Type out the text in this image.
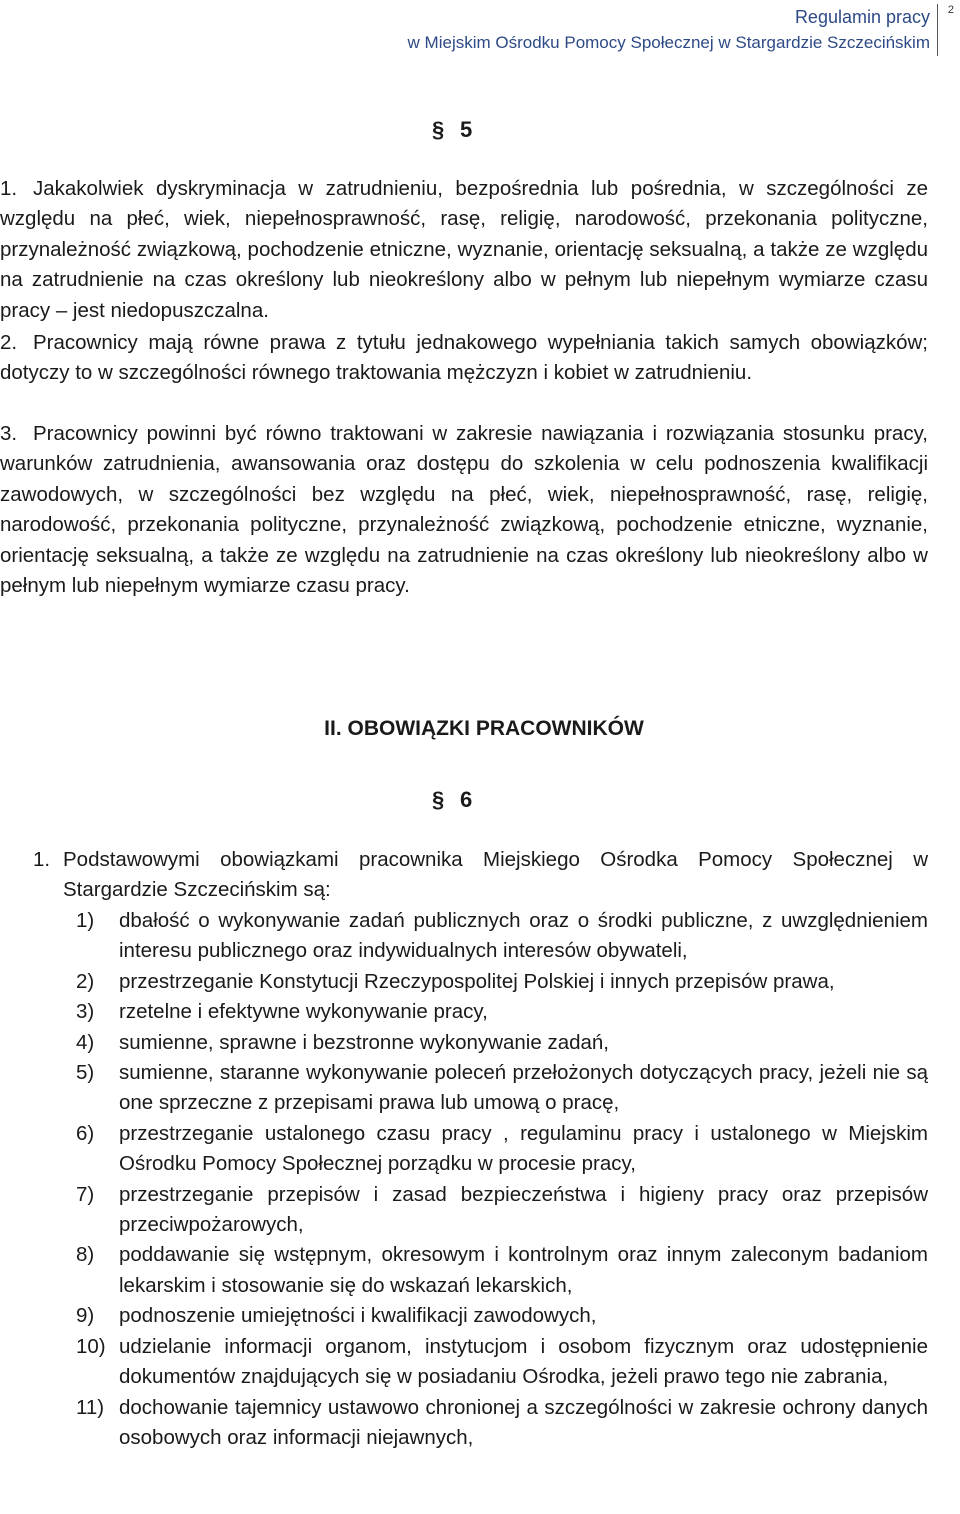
Regulamin pracy
w Miejskim Ośrodku Pomocy Społecznej w Stargardzie Szczecińskim
2
§ 5
1. Jakakolwiek dyskryminacja w zatrudnieniu, bezpośrednia lub pośrednia, w szczególności ze względu na płeć, wiek, niepełnosprawność, rasę, religię, narodowość, przekonania polityczne, przynależność związkową, pochodzenie etniczne, wyznanie, orientację seksualną, a także ze względu na zatrudnienie na czas określony lub nieokreślony albo w pełnym lub niepełnym wymiarze czasu pracy – jest niedopuszczalna.
2. Pracownicy mają równe prawa z tytułu jednakowego wypełniania takich samych obowiązków; dotyczy to w szczególności równego traktowania mężczyzn i kobiet w zatrudnieniu.
3. Pracownicy powinni być równo traktowani w zakresie nawiązania i rozwiązania stosunku pracy, warunków zatrudnienia, awansowania oraz dostępu do szkolenia w celu podnoszenia kwalifikacji zawodowych, w szczególności bez względu na płeć, wiek, niepełnosprawność, rasę, religię, narodowość, przekonania polityczne, przynależność związkową, pochodzenie etniczne, wyznanie, orientację seksualną, a także ze względu na zatrudnienie na czas określony lub nieokreślony albo w pełnym lub niepełnym wymiarze czasu pracy.
II. OBOWIĄZKI PRACOWNIKÓW
§ 6
1. Podstawowymi obowiązkami pracownika Miejskiego Ośrodka Pomocy Społecznej w Stargardzie Szczecińskim są:
1) dbałość o wykonywanie zadań publicznych oraz o środki publiczne, z uwzględnieniem interesu publicznego oraz indywidualnych interesów obywateli,
2) przestrzeganie Konstytucji Rzeczypospolitej Polskiej i innych przepisów prawa,
3) rzetelne i efektywne wykonywanie pracy,
4) sumienne, sprawne i bezstronne wykonywanie zadań,
5) sumienne, staranne wykonywanie poleceń przełożonych dotyczących pracy, jeżeli nie są one sprzeczne z przepisami prawa lub umową o pracę,
6) przestrzeganie ustalonego czasu pracy , regulaminu pracy i ustalonego w Miejskim Ośrodku Pomocy Społecznej porządku w procesie pracy,
7) przestrzeganie przepisów i zasad bezpieczeństwa i higieny pracy oraz przepisów przeciwpożarowych,
8) poddawanie się wstępnym, okresowym i kontrolnym oraz innym zaleconym badaniom lekarskim i stosowanie się do wskazań lekarskich,
9) podnoszenie umiejętności i kwalifikacji zawodowych,
10) udzielanie informacji organom, instytucjom i osobom fizycznym oraz udostępnienie dokumentów znajdujących się w posiadaniu Ośrodka, jeżeli prawo tego nie zabrania,
11) dochowanie tajemnicy ustawowo chronionej a szczególności w zakresie ochrony danych osobowych oraz informacji niejawnych,
